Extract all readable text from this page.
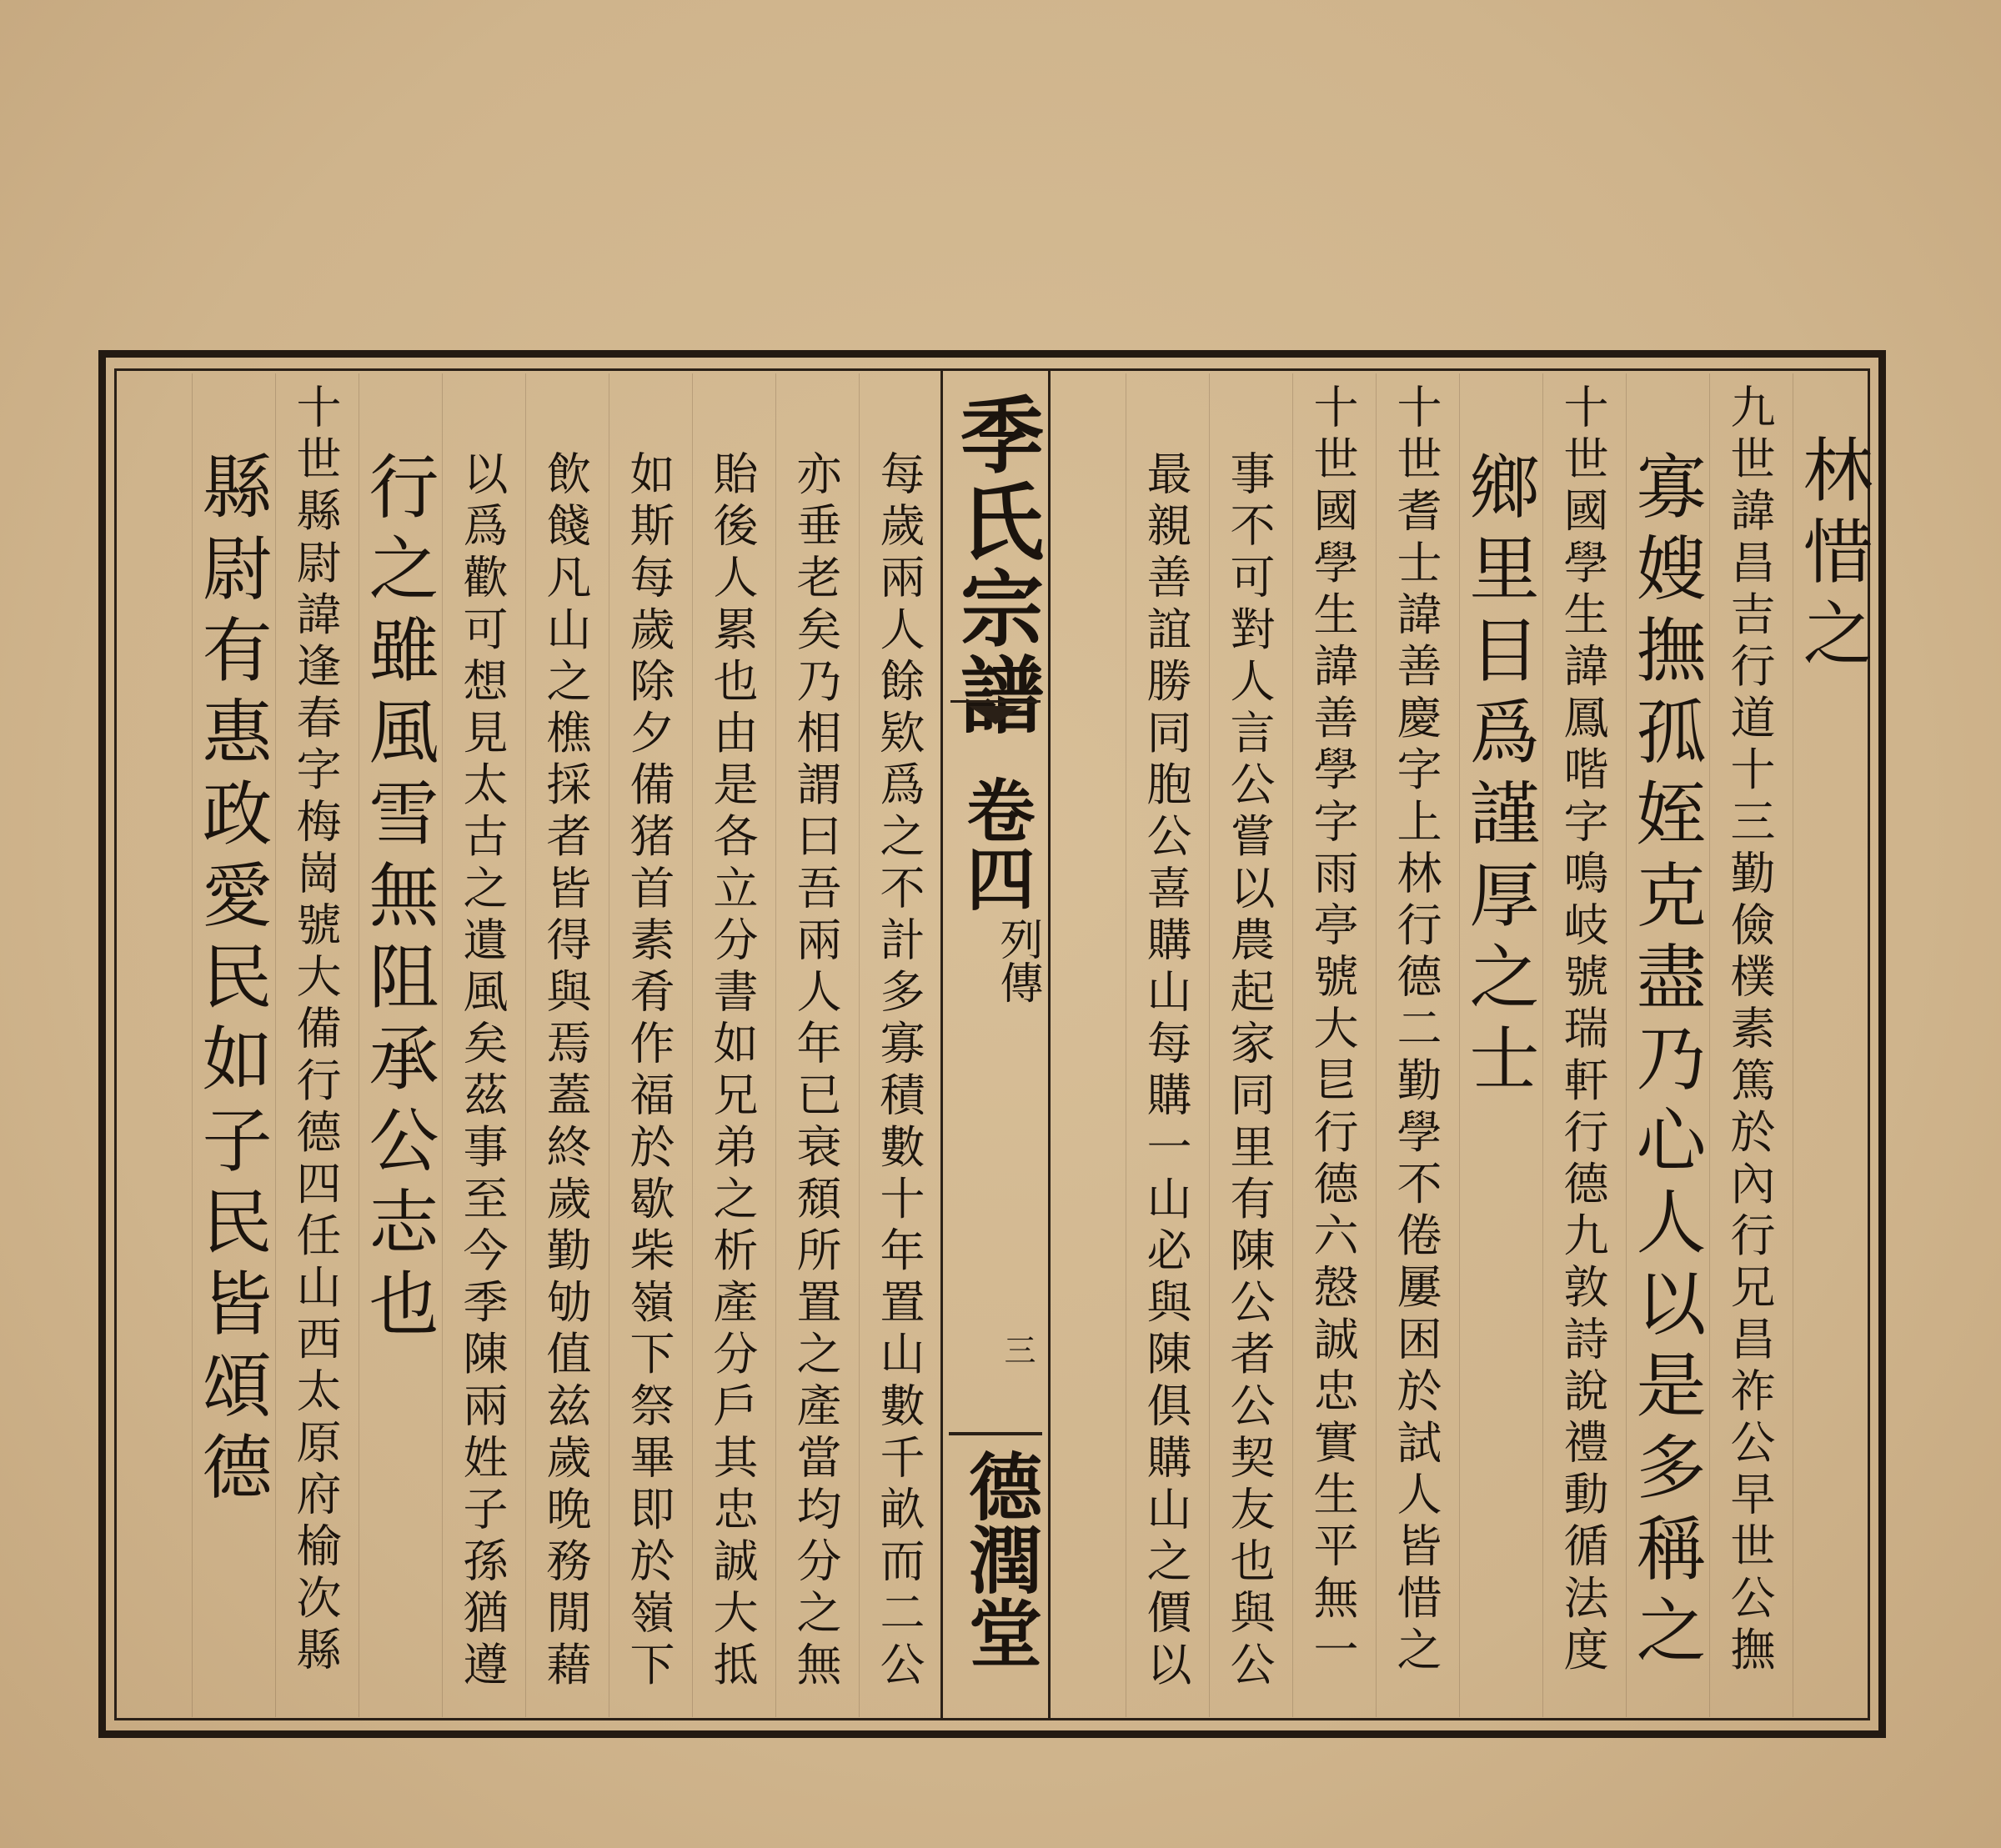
林惜之
九世諱昌吉行道十三勤儉樸素篤於內行兄昌祚公早世公撫
寡嫂撫孤姪克盡乃心人以是多稱之
十世國學生諱鳳喈字鳴岐號瑞軒行德九敦詩說禮動循法度
鄉里目爲謹厚之士
十世耆士諱善慶字上林行德二勤學不倦屢困於試人皆惜之
十世國學生諱善學字雨亭號大㫐行德六慤誠忠實生平無一
事不可對人言公嘗以農起家同里有陳公者公契友也與公
最親善誼勝同胞公喜購山每購一山必與陳俱購山之價以
季氏宗譜
卷四
列傳
三
德潤堂
每歲兩人餘欵爲之不計多寡積數十年置山數千畝而二公
亦垂老矣乃相謂曰吾兩人年已衰頹所置之產當均分之無
貽後人累也由是各立分書如兄弟之析產分戶其忠誠大抵
如斯每歲除夕備猪首素肴作福於歇柴嶺下祭畢即於嶺下
飲餞凡山之樵採者皆得與焉蓋終歲勤劬值兹歲晚務閒藉
以爲歡可想見太古之遺風矣茲事至今季陳兩姓子孫猶遵
行之雖風雪無阻承公志也
十世縣尉諱逢春字梅崗號大備行德四任山西太原府榆次縣
縣尉有惠政愛民如子民皆頌德
